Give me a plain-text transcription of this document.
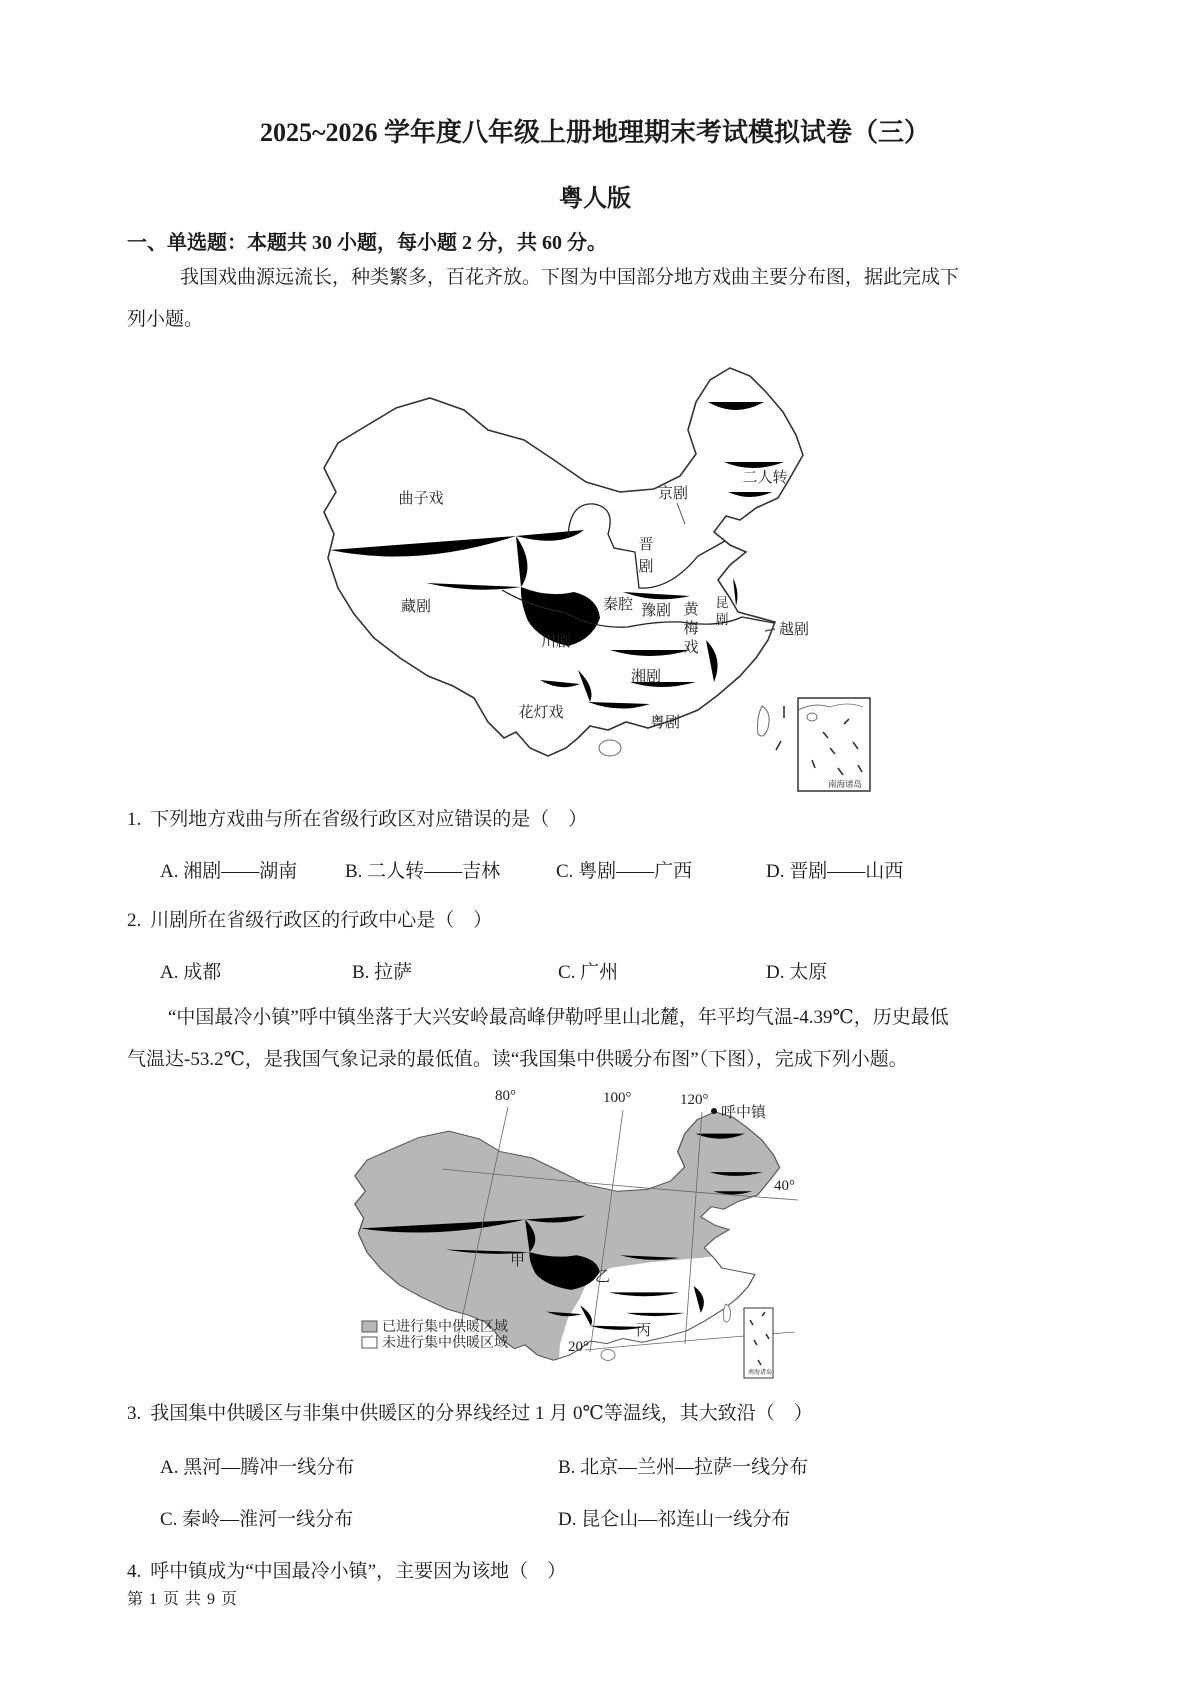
2025~2026 学年度八年级上册地理期末考试模拟试卷（三）
粤人版
一、单选题：本题共 30 小题，每小题 2 分，共 60 分。
我国戏曲源远流长，种类繁多，百花齐放。下图为中国部分地方戏曲主要分布图，据此完成下
列小题。
曲子戏
二人转
京剧
晋
剧
藏剧	秦腔 豫剧 黄
梅
戏
昆
剧
越剧
川剧
湘剧
花灯戏
粤剧
南海诸岛
1. 下列地方戏曲与所在省级行政区对应错误的是（　）
A. 湘剧——湖南	B. 二人转——吉林	C. 粤剧——广西	D. 晋剧——山西
2. 川剧所在省级行政区的行政中心是（　）
A. 成都	B. 拉萨	C. 广州	D. 太原
“中国最冷小镇”呼中镇坐落于大兴安岭最高峰伊勒呼里山北麓，年平均气温-4.39℃，历史最低
气温达-53.2℃，是我国气象记录的最低值。读“我国集中供暖分布图”（下图），完成下列小题。
80°	100°	120°
呼中镇
40°
20°
甲
乙
丙
已进行集中供暖区域
未进行集中供暖区域
南海诸岛
3. 我国集中供暖区与非集中供暖区的分界线经过 1 月 0℃等温线，其大致沿（　）
A. 黑河—腾冲一线分布	B. 北京—兰州—拉萨一线分布
C. 秦岭—淮河一线分布	D. 昆仑山—祁连山一线分布
4. 呼中镇成为“中国最冷小镇”，主要因为该地（　）
第 1 页 共 9 页
